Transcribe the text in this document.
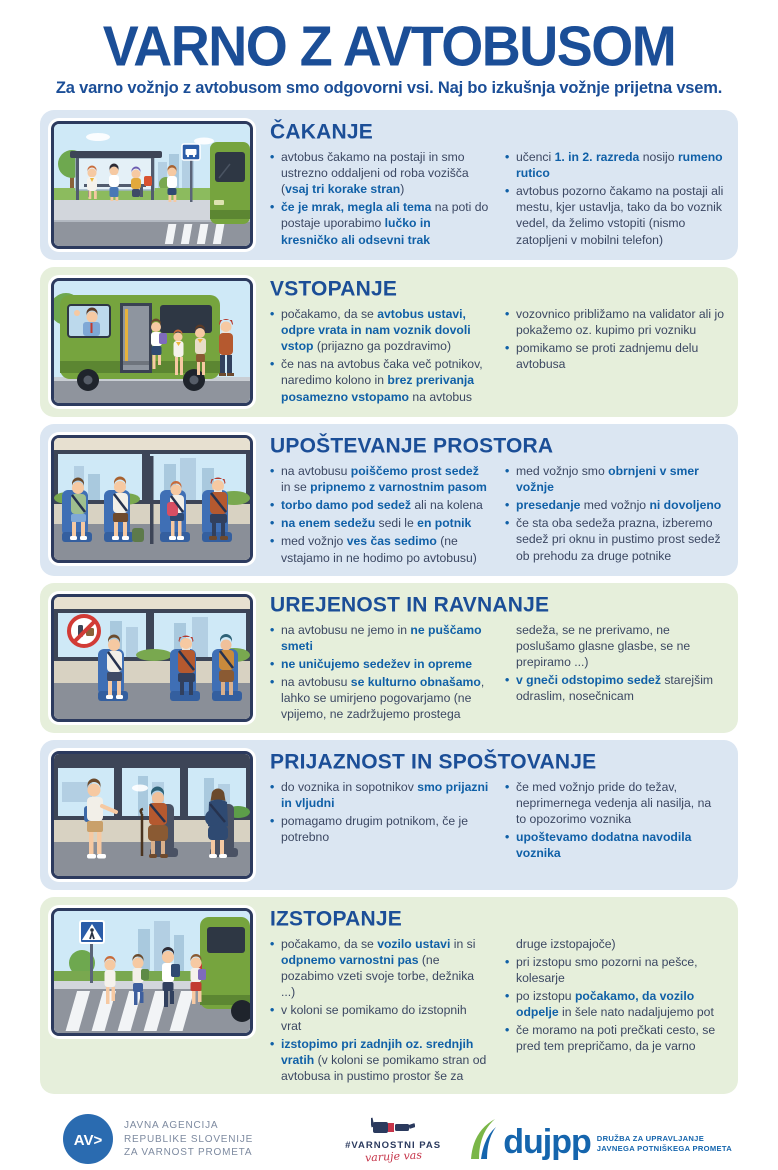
VARNO Z AVTOBUSOM
Za varno vožnjo z avtobusom smo odgovorni vsi. Naj bo izkušnja vožnje prijetna vsem.
ČAKANJE
• avtobus čakamo na postaji in smo ustrezno oddaljeni od roba vozišča (vsaj tri korake stran)
• če je mrak, megla ali tema na poti do postaje uporabimo lučko in kresničko ali odsevni trak
• učenci 1. in 2. razreda nosijo rumeno rutico
• avtobus pozorno čakamo na postaji ali mestu, kjer ustavlja, tako da bo voznik vedel, da želimo vstopiti (nismo zatopljeni v mobilni telefon)
VSTOPANJE
• počakamo, da se avtobus ustavi, odpre vrata in nam voznik dovoli vstop (prijazno ga pozdravimo)
• če nas na avtobus čaka več potnikov, naredimo kolono in brez prerivanja posamezno vstopamo na avtobus
• vozovnico približamo na validator ali jo pokažemo oz. kupimo pri vozniku
• pomikamo se proti zadnjemu delu avtobusa
UPOŠTEVANJE PROSTORA
• na avtobusu poiščemo prost sedež in se pripnemo z varnostnim pasom
• torbo damo pod sedež ali na kolena
• na enem sedežu sedi le en potnik
• med vožnjo ves čas sedimo (ne vstajamo in ne hodimo po avtobusu)
• med vožnjo smo obrnjeni v smer vožnje
• presedanje med vožnjo ni dovoljeno
• če sta oba sedeža prazna, izberemo sedež pri oknu in pustimo prost sedež ob prehodu za druge potnike
UREJENOST IN RAVNANJE
• na avtobusu ne jemo in ne puščamo smeti
• ne uničujemo sedežev in opreme
• na avtobusu se kulturno obnašamo, lahko se umirjeno pogovarjamo (ne vpijemo, ne zadržujemo prostega
sedeža, se ne prerivamo, ne poslušamo glasne glasbe, se ne prepiramo ...)
• v gneči odstopimo sedež starejšim odraslim, nosečnicam
PRIJAZNOST IN SPOŠTOVANJE
• do voznika in sopotnikov smo prijazni in vljudni
• pomagamo drugim potnikom, če je potrebno
• če med vožnjo pride do težav, neprimernega vedenja ali nasilja, na to opozorimo voznika
• upoštevamo dodatna navodila voznika
IZSTOPANJE
• počakamo, da se vozilo ustavi in si odpnemo varnostni pas (ne pozabimo vzeti svoje torbe, dežnika ...)
• v koloni se pomikamo do izstopnih vrat
• izstopimo pri zadnjih oz. srednjih vratih (v koloni se pomikamo stran od avtobusa in pustimo prostor še za
druge izstopajoče)
• pri izstopu smo pozorni na pešce, kolesarje
• po izstopu počakamo, da vozilo odpelje in šele nato nadaljujemo pot
• če moramo na poti prečkati cesto, se pred tem prepričamo, da je varno
AV>
JAVNA AGENCIJA
REPUBLIKE SLOVENIJE
ZA VARNOST PROMETA
#VARNOSTNI PAS
varuje vas dujpp DRUŽBA ZA UPRAVLJANJE
JAVNEGA POTNIŠKEGA PROMETA
